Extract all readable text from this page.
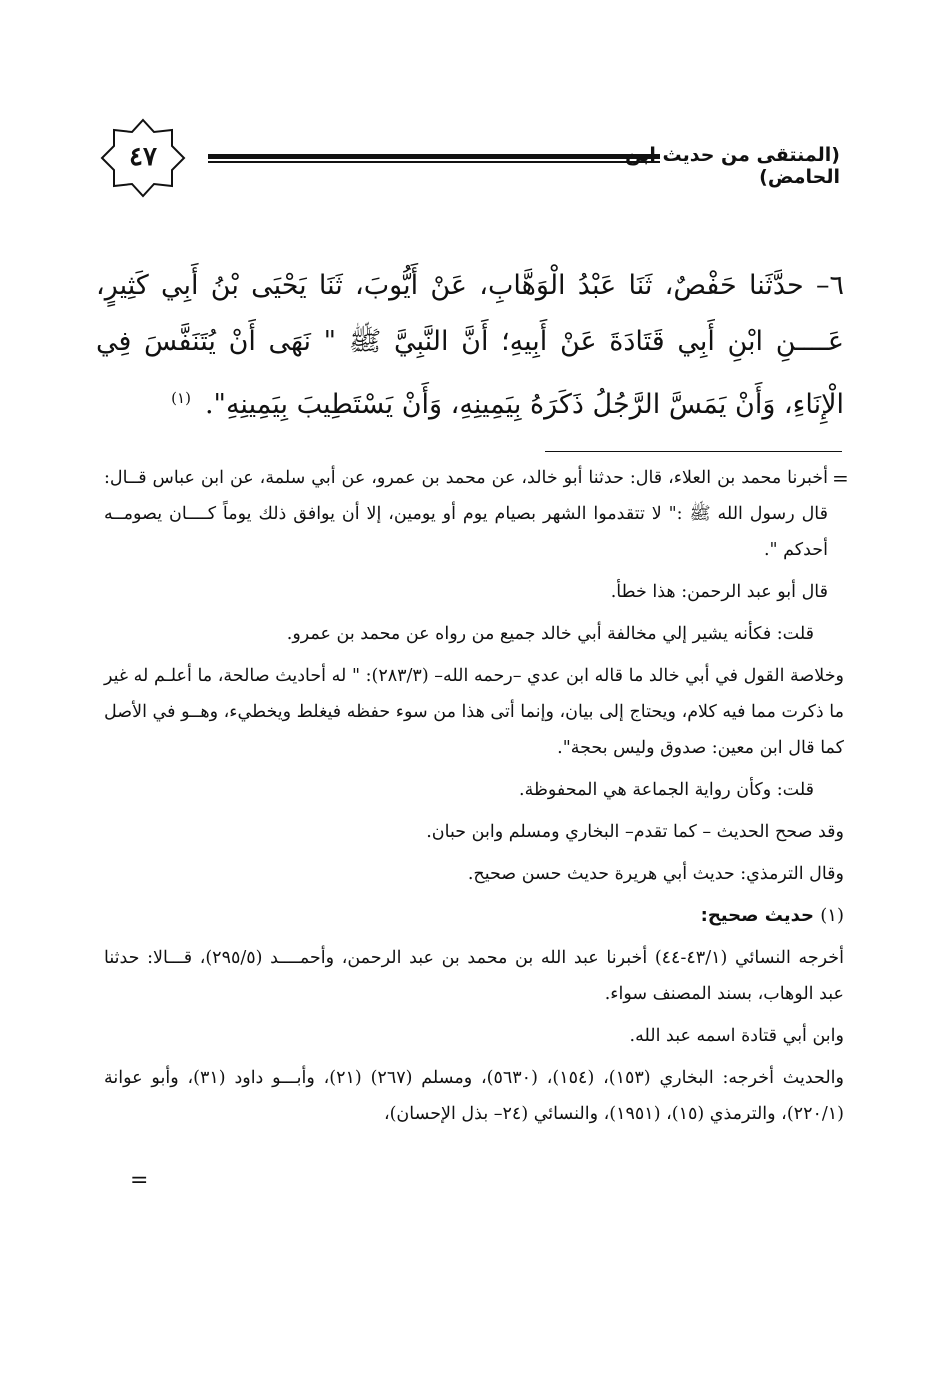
٤٧	(المنتقى من حديث ابن الحامض)
٦– حدَّثَنا حَفْصٌ، ثَنَا عَبْدُ الْوَهَّابِ، عَنْ أَيُّوبَ، ثَنَا يَحْيَى بْنُ أَبِي كَثِيرٍ، عَــــنِ ابْنِ أَبِي قَتَادَةَ عَنْ أَبِيهِ؛ أَنَّ النَّبِيَّ ﷺ " نَهَى أَنْ يُتَنَفَّسَ فِي الْإِنَاءِ، وَأَنْ يَمَسَّ الرَّجُلُ ذَكَرَهُ بِيَمِينِهِ، وَأَنْ يَسْتَطِيبَ بِيَمِينِهِ".$^{(١)}$
=

أخبرنا محمد بن العلاء، قال: حدثنا أبو خالد، عن محمد بن عمرو، عن أبي سلمة، عن ابن عباس قــال: قال رسول الله ﷺ :" لا تتقدموا الشهر بصيام يوم أو يومين، إلا أن يوافق ذلك يوماً كــــان يصومــه أحدكم ".

قال أبو عبد الرحمن: هذا خطأ.

قلت: فكأنه يشير إلي مخالفة أبي خالد جميع من رواه عن محمد بن عمرو.

وخلاصة القول في أبي خالد ما قاله ابن عدي –رحمه الله– (٢٨٣/٣): " له أحاديث صالحة، ما أعلـم له غير ما ذكرت مما فيه كلام، ويحتاج إلى بيان، وإنما أتى هذا من سوء حفظه فيغلط ويخطيء، وهــو في الأصل كما قال ابن معين: صدوق وليس بحجة".

قلت: وكأن رواية الجماعة هي المحفوظة.

وقد صحح الحديث – كما تقدم– البخاري ومسلم وابن حبان.

وقال الترمذي: حديث أبي هريرة حديث حسن صحيح.

(١) حديث صحيح:

أخرجه النسائي (٤٣/١-٤٤) أخبرنا عبد الله بن محمد بن عبد الرحمن، وأحمــــد (٢٩٥/٥)، قـــالا: حدثنا عبد الوهاب، بسند المصنف سواء.

وابن أبي قتادة اسمه عبد الله.

والحديث أخرجه: البخاري (١٥٣)، (١٥٤)، (٥٦٣٠)، ومسلم (٢٦٧) (٢١)، وأبـــو داود (٣١)، وأبو عوانة (٢٢٠/١)، والترمذي (١٥)، (١٩٥١)، والنسائي (٢٤– بذل الإحسان)،

=
